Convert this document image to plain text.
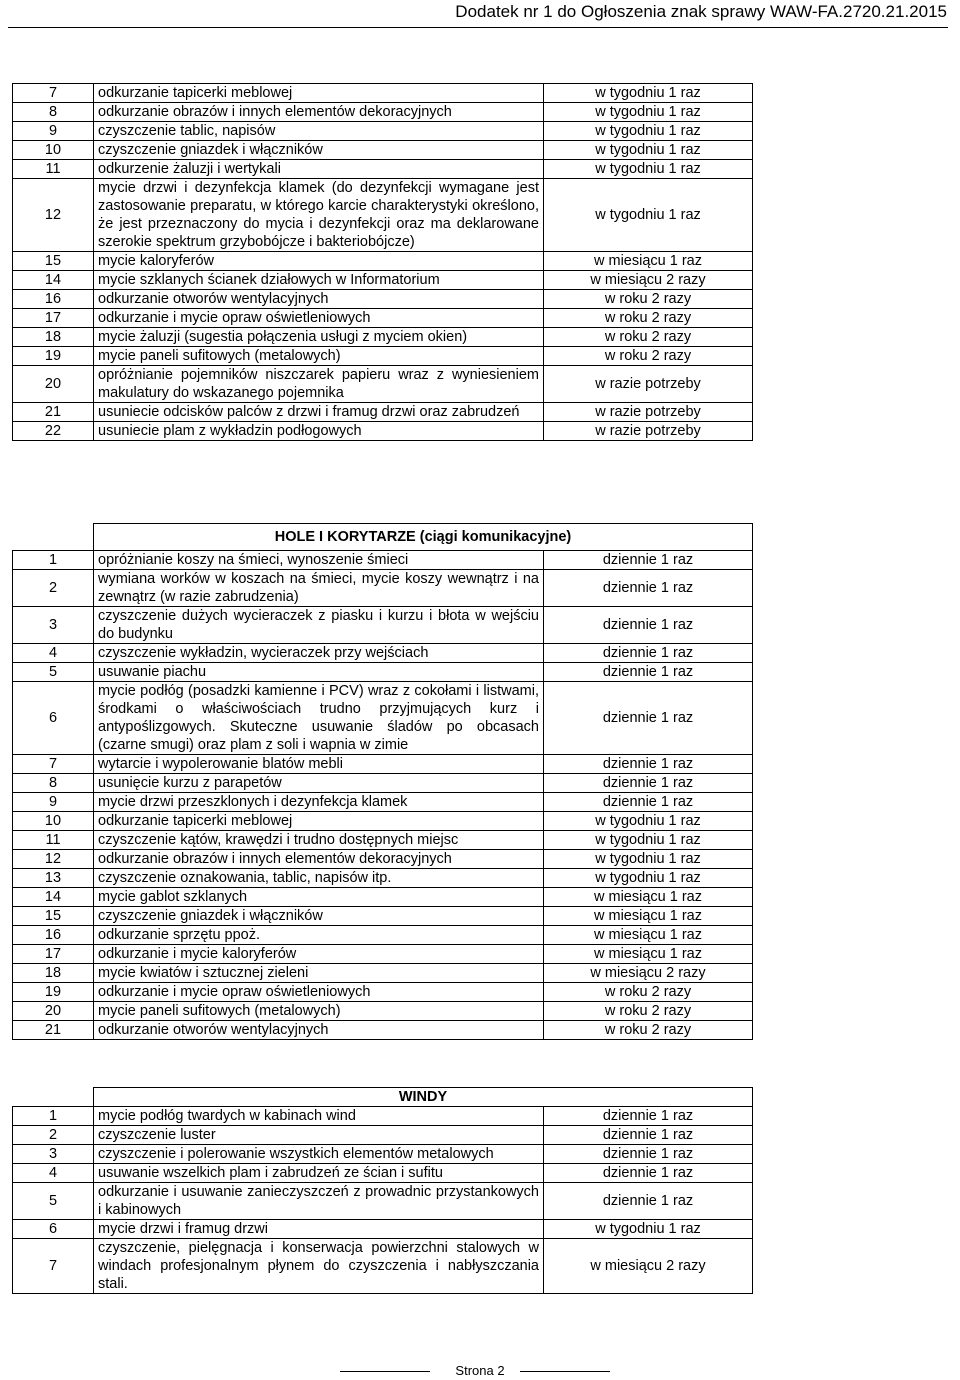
Dodatek nr 1 do Ogłoszenia znak sprawy WAW-FA.2720.21.2015
7	odkurzanie tapicerki meblowej	w tygodniu 1 raz
8	odkurzanie obrazów i innych elementów dekoracyjnych	w tygodniu 1 raz
9	czyszczenie tablic, napisów	w tygodniu 1 raz
10	czyszczenie gniazdek i włączników	w tygodniu 1 raz
11	odkurzenie żaluzji i wertykali	w tygodniu 1 raz
12	mycie drzwi i dezynfekcja klamek (do dezynfekcji wymagane jest zastosowanie preparatu, w którego karcie charakterystyki określono, że jest przeznaczony do mycia i dezynfekcji oraz ma deklarowane szerokie spektrum grzybobójcze i bakteriobójcze)	w tygodniu 1 raz
15	mycie kaloryferów	w miesiącu 1 raz
14	mycie szklanych ścianek działowych w Informatorium	w miesiącu 2 razy
16	odkurzanie otworów wentylacyjnych	w roku 2 razy
17	odkurzanie i mycie opraw oświetleniowych	w roku 2 razy
18	mycie żaluzji (sugestia połączenia usługi z myciem okien)	w roku 2 razy
19	mycie paneli sufitowych (metalowych)	w roku 2 razy
20	opróżnianie pojemników niszczarek papieru wraz z wyniesieniem makulatury do wskazanego pojemnika	w razie potrzeby
21	usuniecie odcisków palców z drzwi i framug drzwi oraz zabrudzeń	w razie potrzeby
22	usuniecie plam z wykładzin podłogowych	w razie potrzeby
	HOLE I KORYTARZE (ciągi komunikacyjne)	
1	opróżnianie koszy na śmieci, wynoszenie śmieci	dziennie 1 raz
2	wymiana worków w koszach na śmieci, mycie koszy wewnątrz i na zewnątrz (w razie zabrudzenia)	dziennie 1 raz
3	czyszczenie dużych wycieraczek z piasku i kurzu i błota w wejściu do budynku	dziennie 1 raz
4	czyszczenie wykładzin, wycieraczek przy wejściach	dziennie 1 raz
5	usuwanie piachu	dziennie 1 raz
6	mycie podłóg (posadzki kamienne i PCV) wraz z cokołami i listwami, środkami o właściwościach trudno przyjmujących kurz i antypoślizgowych. Skuteczne usuwanie śladów po obcasach (czarne smugi) oraz plam z soli i wapnia w zimie	dziennie 1 raz
7	wytarcie i wypolerowanie blatów mebli	dziennie 1 raz
8	usunięcie kurzu z parapetów	dziennie 1 raz
9	mycie drzwi przeszklonych i dezynfekcja klamek	dziennie 1 raz
10	odkurzanie tapicerki meblowej	w tygodniu 1 raz
11	czyszczenie kątów, krawędzi i trudno dostępnych miejsc	w tygodniu 1 raz
12	odkurzanie obrazów i innych elementów dekoracyjnych	w tygodniu 1 raz
13	czyszczenie oznakowania, tablic, napisów itp.	w tygodniu 1 raz
14	mycie gablot szklanych	w miesiącu 1 raz
15	czyszczenie gniazdek i włączników	w miesiącu 1 raz
16	odkurzanie sprzętu ppoż.	w miesiącu 1 raz
17	odkurzanie i mycie kaloryferów	w miesiącu 1 raz
18	mycie kwiatów i sztucznej zieleni	w miesiącu 2 razy
19	odkurzanie i mycie opraw oświetleniowych	w roku 2 razy
20	mycie paneli sufitowych (metalowych)	w roku 2 razy
21	odkurzanie otworów wentylacyjnych	w roku 2 razy
	WINDY	
1	mycie podłóg twardych w kabinach wind	dziennie 1 raz
2	czyszczenie luster	dziennie 1 raz
3	czyszczenie i polerowanie wszystkich elementów metalowych	dziennie 1 raz
4	usuwanie wszelkich plam i zabrudzeń ze ścian i sufitu	dziennie 1 raz
5	odkurzanie i usuwanie zanieczyszczeń z prowadnic przystankowych i kabinowych	dziennie 1 raz
6	mycie drzwi i framug drzwi	w tygodniu 1 raz
7	czyszczenie, pielęgnacja i konserwacja powierzchni stalowych w windach profesjonalnym płynem do czyszczenia i nabłyszczania stali.	w miesiącu 2 razy
Strona 2
